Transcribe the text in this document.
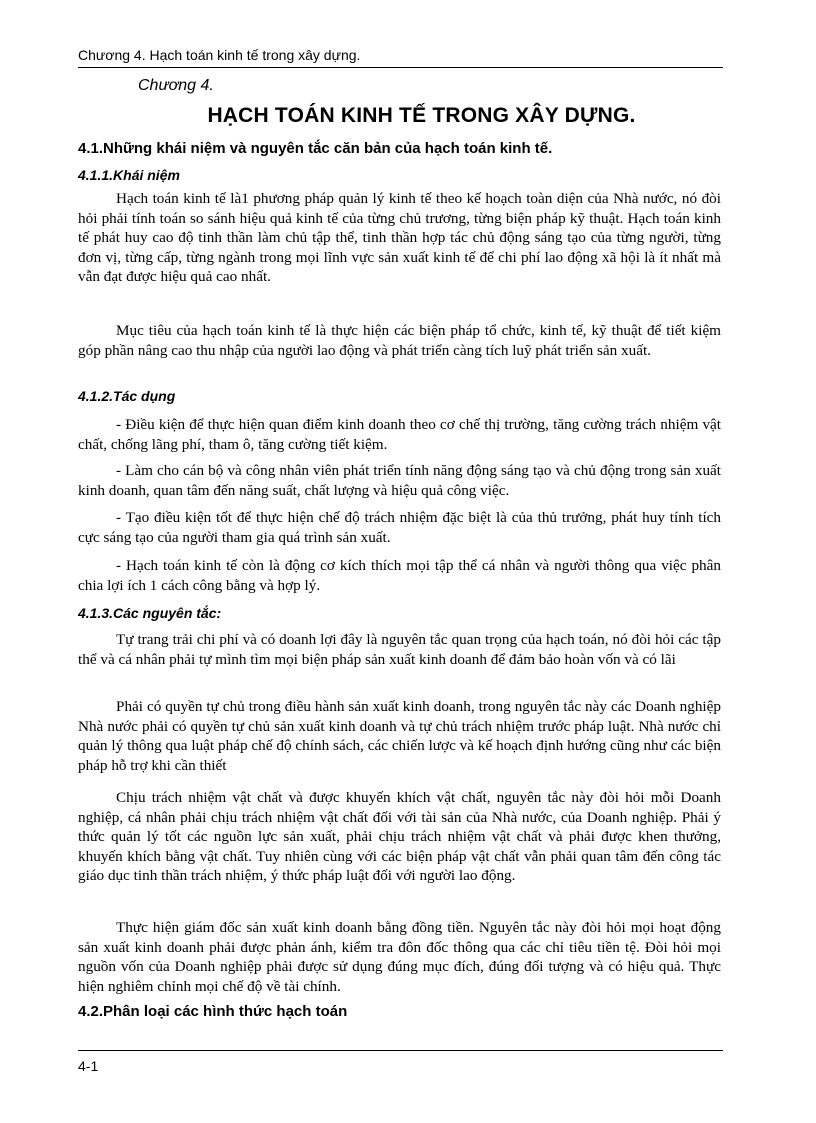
Chương 4. Hạch toán kinh tế trong xây dựng.
Chương 4.
HẠCH TOÁN KINH TẾ TRONG XÂY DỰNG.
4.1.Những khái niệm và nguyên tắc căn bản của hạch toán kinh tế.
4.1.1.Khái niệm

Hạch toán kinh tế là1 phương pháp quản lý kinh tế theo kế hoạch toàn diện của Nhà nước, nó đòi hỏi phải tính toán so sánh hiệu quả kinh tế của từng chủ trương, từng biện pháp kỹ thuật. Hạch toán kinh tế phát huy cao độ tinh thần làm chủ tập thể, tinh thần hợp tác chủ động sáng tạo của từng người, từng đơn vị, từng cấp, từng ngành trong mọi lĩnh vực sản xuất kinh tế để chi phí lao động xã hội là ít nhất mà vẫn đạt được hiệu quả cao nhất.

Mục tiêu của hạch toán kinh tế là thực hiện các biện pháp tổ chức, kinh tế, kỹ thuật để tiết kiệm góp phần nâng cao thu nhập của người lao động và phát triển càng tích luỹ phát triển sản xuất.

4.1.2.Tác dụng

- Điều kiện để thực hiện quan điểm kinh doanh theo cơ chế thị trường, tăng cường trách nhiệm vật chất, chống lãng phí, tham ô, tăng cường tiết kiệm.

- Làm cho cán bộ và công nhân viên phát triển tính năng động sáng tạo và chủ động trong sản xuất kinh doanh, quan tâm đến năng suất, chất lượng và hiệu quả công việc.

- Tạo điều kiện tốt để thực hiện chế độ trách nhiệm đặc biệt là của thủ trưởng, phát huy tính tích cực sáng tạo của người tham gia quá trình sản xuất.

- Hạch toán kinh tế còn là động cơ kích thích mọi tập thể cá nhân và người thông qua việc phân chia lợi ích 1 cách công bằng và hợp lý.

4.1.3.Các nguyên tắc:

Tự trang trải chi phí và có doanh lợi đây là nguyên tắc quan trọng của hạch toán, nó đòi hỏi các tập thể và cá nhân phải tự mình tìm mọi biện pháp sản xuất kinh doanh để đảm bảo hoàn vốn và có lãi

Phải có quyền tự chủ trong điều hành sản xuất kinh doanh, trong nguyên tắc này các Doanh nghiệp Nhà nước phải có quyền tự chủ sản xuất kinh doanh và tự chủ trách nhiệm trước pháp luật. Nhà nước chỉ quản lý thông qua luật pháp chế độ chính sách, các chiến lược và kế hoạch định hướng cũng như các biện pháp hỗ trợ khi cần thiết

Chịu trách nhiệm vật chất và được khuyến khích vật chất, nguyên tắc này đòi hỏi mỗi Doanh nghiệp, cá nhân phải chịu trách nhiệm vật chất đối với tài sản của Nhà nước, của Doanh nghiệp. Phải ý thức quản lý tốt các nguồn lực sản xuất, phải chịu trách nhiệm vật chất và phải được khen thưởng, khuyến khích bằng vật chất. Tuy nhiên cùng với các biện pháp vật chất vẫn phải quan tâm đến công tác giáo dục tinh thần trách nhiệm, ý thức pháp luật đối với người lao động.

Thực hiện giám đốc sản xuất kinh doanh bằng đồng tiền. Nguyên tắc này đòi hỏi mọi hoạt động sản xuất kinh doanh phải được phản ánh, kiểm tra đôn đốc thông qua các chỉ tiêu tiền tệ. Đòi hỏi mọi nguồn vốn của Doanh nghiệp phải được sử dụng đúng mục đích, đúng đối tượng và có hiệu quả. Thực hiện nghiêm chỉnh mọi chế độ về tài chính.

4.2.Phân loại các hình thức hạch toán
4-1
